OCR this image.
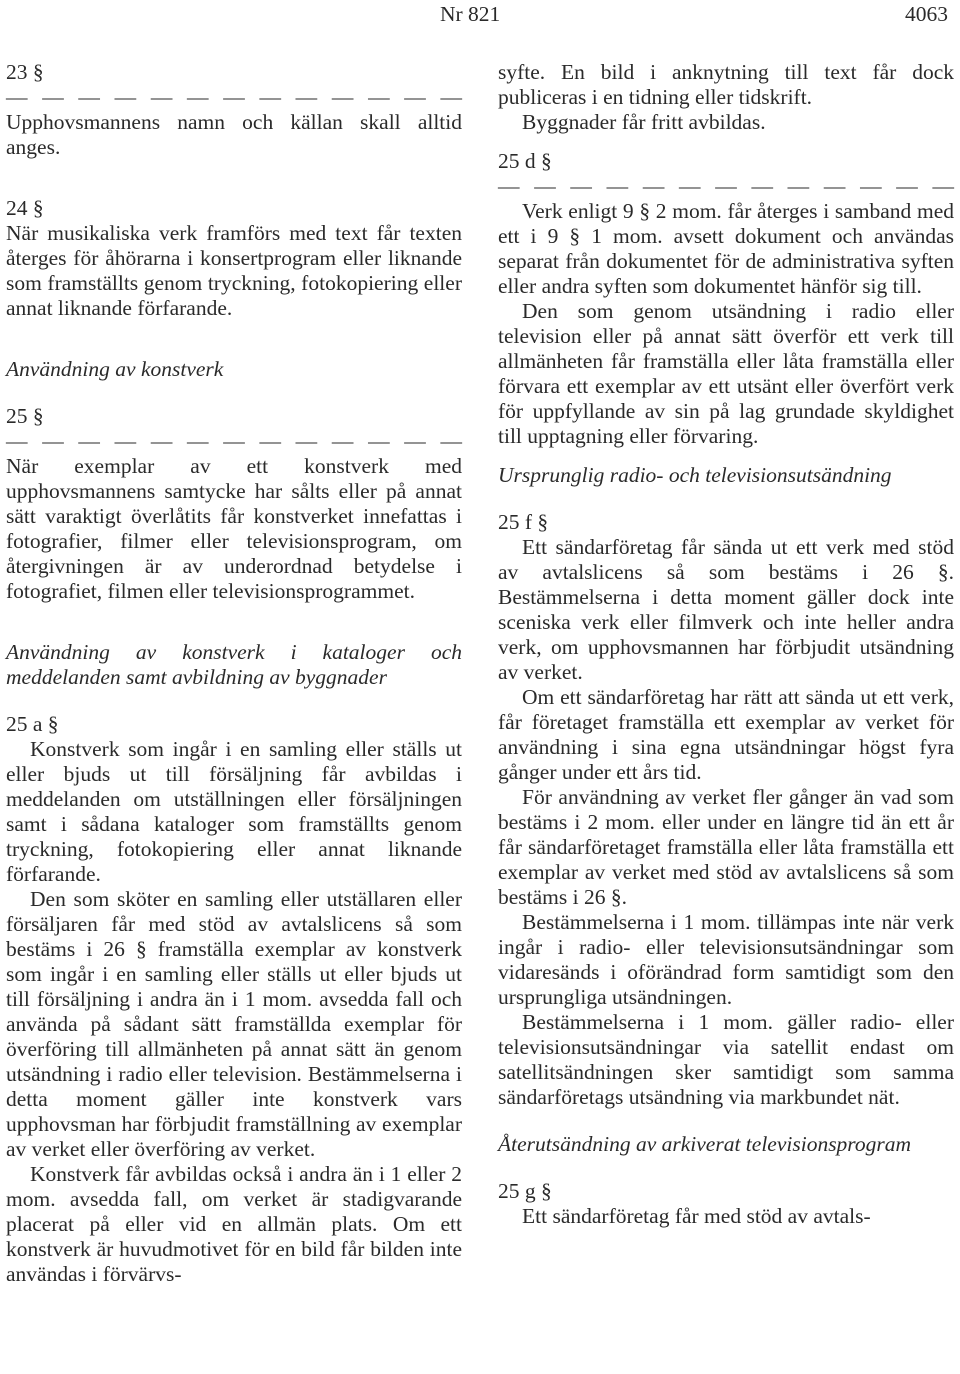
Nr 821	4063

23 §

— — — — — — — — — — — — —

Upphovsmannens namn och källan skall alltid anges.

24 §

När musikaliska verk framförs med text får texten återges för åhörarna i konsertprogram eller liknande som framställts genom tryckning, fotokopiering eller annat liknande förfarande.

Användning av konstverk

25 §

— — — — — — — — — — — — —

När exemplar av ett konstverk med upphovsmannens samtycke har sålts eller på annat sätt varaktigt överlåtits får konstverket innefattas i fotografier, filmer eller televisionsprogram, om återgivningen är av underordnad betydelse i fotografiet, filmen eller televisionsprogrammet.

Användning av konstverk i kataloger och meddelanden samt avbildning av byggnader

25 a §

Konstverk som ingår i en samling eller ställs ut eller bjuds ut till försäljning får avbildas i meddelanden om utställningen eller försäljningen samt i sådana kataloger som framställts genom tryckning, fotokopiering eller annat liknande förfarande.

Den som sköter en samling eller utställaren eller försäljaren får med stöd av avtalslicens så som bestäms i 26 § framställa exemplar av konstverk som ingår i en samling eller ställs ut eller bjuds ut till försäljning i andra än i 1 mom. avsedda fall och använda på sådant sätt framställda exemplar för överföring till allmänheten på annat sätt än genom utsändning i radio eller television. Bestämmelserna i detta moment gäller inte konstverk vars upphovsman har förbjudit framställning av exemplar av verket eller överföring av verket.

Konstverk får avbildas också i andra än i 1 eller 2 mom. avsedda fall, om verket är stadigvarande placerat på eller vid en allmän plats. Om ett konstverk är huvudmotivet för en bild får bilden inte användas i förvärvs-

syfte. En bild i anknytning till text får dock publiceras i en tidning eller tidskrift.

Byggnader får fritt avbildas.

25 d §

— — — — — — — — — — — — —

Verk enligt 9 § 2 mom. får återges i samband med ett i 9 § 1 mom. avsett dokument och användas separat från dokumentet för de administrativa syften eller andra syften som dokumentet hänför sig till.

Den som genom utsändning i radio eller television eller på annat sätt överför ett verk till allmänheten får framställa eller låta framställa eller förvara ett exemplar av ett utsänt eller överfört verk för uppfyllande av sin på lag grundade skyldighet till upptagning eller förvaring.

Ursprunglig radio- och televisionsutsändning

25 f §

Ett sändarföretag får sända ut ett verk med stöd av avtalslicens så som bestäms i 26 §. Bestämmelserna i detta moment gäller dock inte sceniska verk eller filmverk och inte heller andra verk, om upphovsmannen har förbjudit utsändning av verket.

Om ett sändarföretag har rätt att sända ut ett verk, får företaget framställa ett exemplar av verket för användning i sina egna utsändningar högst fyra gånger under ett års tid.

För användning av verket fler gånger än vad som bestäms i 2 mom. eller under en längre tid än ett år får sändarföretaget framställa eller låta framställa ett exemplar av verket med stöd av avtalslicens så som bestäms i 26 §.

Bestämmelserna i 1 mom. tillämpas inte när verk ingår i radio- eller televisionsutsändningar som vidaresänds i oförändrad form samtidigt som den ursprungliga utsändningen.

Bestämmelserna i 1 mom. gäller radio- eller televisionsutsändningar via satellit endast om satellitsändningen sker samtidigt som samma sändarföretags utsändning via markbundet nät.

Återutsändning av arkiverat televisionsprogram

25 g §

Ett sändarföretag får med stöd av avtals-
